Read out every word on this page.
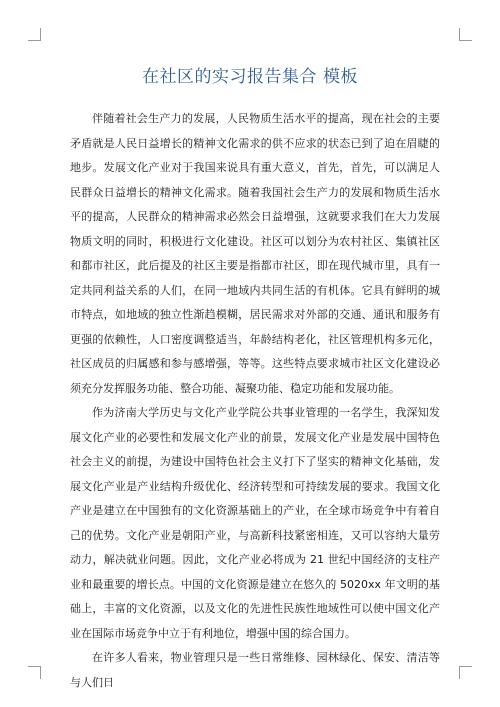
在社区的实习报告集合 模板

伴随着社会生产力的发展，人民物质生活水平的提高，现在社会的主要矛盾就是人民日益增长的精神文化需求的供不应求的状态已到了迫在眉睫的地步。发展文化产业对于我国来说具有重大意义，首先，首先，可以满足人民群众日益增长的精神文化需求。随着我国社会生产力的发展和物质生活水平的提高，人民群众的精神需求必然会日益增强，这就要求我们在大力发展物质文明的同时，积极进行文化建设。社区可以划分为农村社区、集镇社区和都市社区，此后提及的社区主要是指都市社区，即在现代城市里，具有一定共同利益关系的人们，在同一地域内共同生活的有机体。它具有鲜明的城市特点，如地域的独立性渐趋模糊，居民需求对外部的交通、通讯和服务有更强的依赖性，人口密度调整适当，年龄结构老化，社区管理机构多元化，社区成员的归属感和参与感增强，等等。这些特点要求城市社区文化建设必须充分发挥服务功能、整合功能、凝聚功能、稳定功能和发展功能。

作为济南大学历史与文化产业学院公共事业管理的一名学生，我深知发展文化产业的必要性和发展文化产业的前景，发展文化产业是发展中国特色社会主义的前提，为建设中国特色社会主义打下了坚实的精神文化基础，发展文化产业是产业结构升级优化、经济转型和可持续发展的要求。我国文化产业是建立在中国独有的文化资源基础上的产业，在全球市场竞争中有着自己的优势。文化产业是朝阳产业，与高新科技紧密相连，又可以容纳大量劳动力，解决就业问题。因此，文化产业必将成为 21 世纪中国经济的支柱产业和最重要的增长点。中国的文化资源是建立在悠久的 5020xx 年文明的基础上，丰富的文化资源，以及文化的先进性民族性地域性可以使中国文化产业在国际市场竞争中立于有利地位，增强中国的综合国力。

在许多人看来，物业管理只是一些日常维修、园林绿化、保安、清洁等与人们日
